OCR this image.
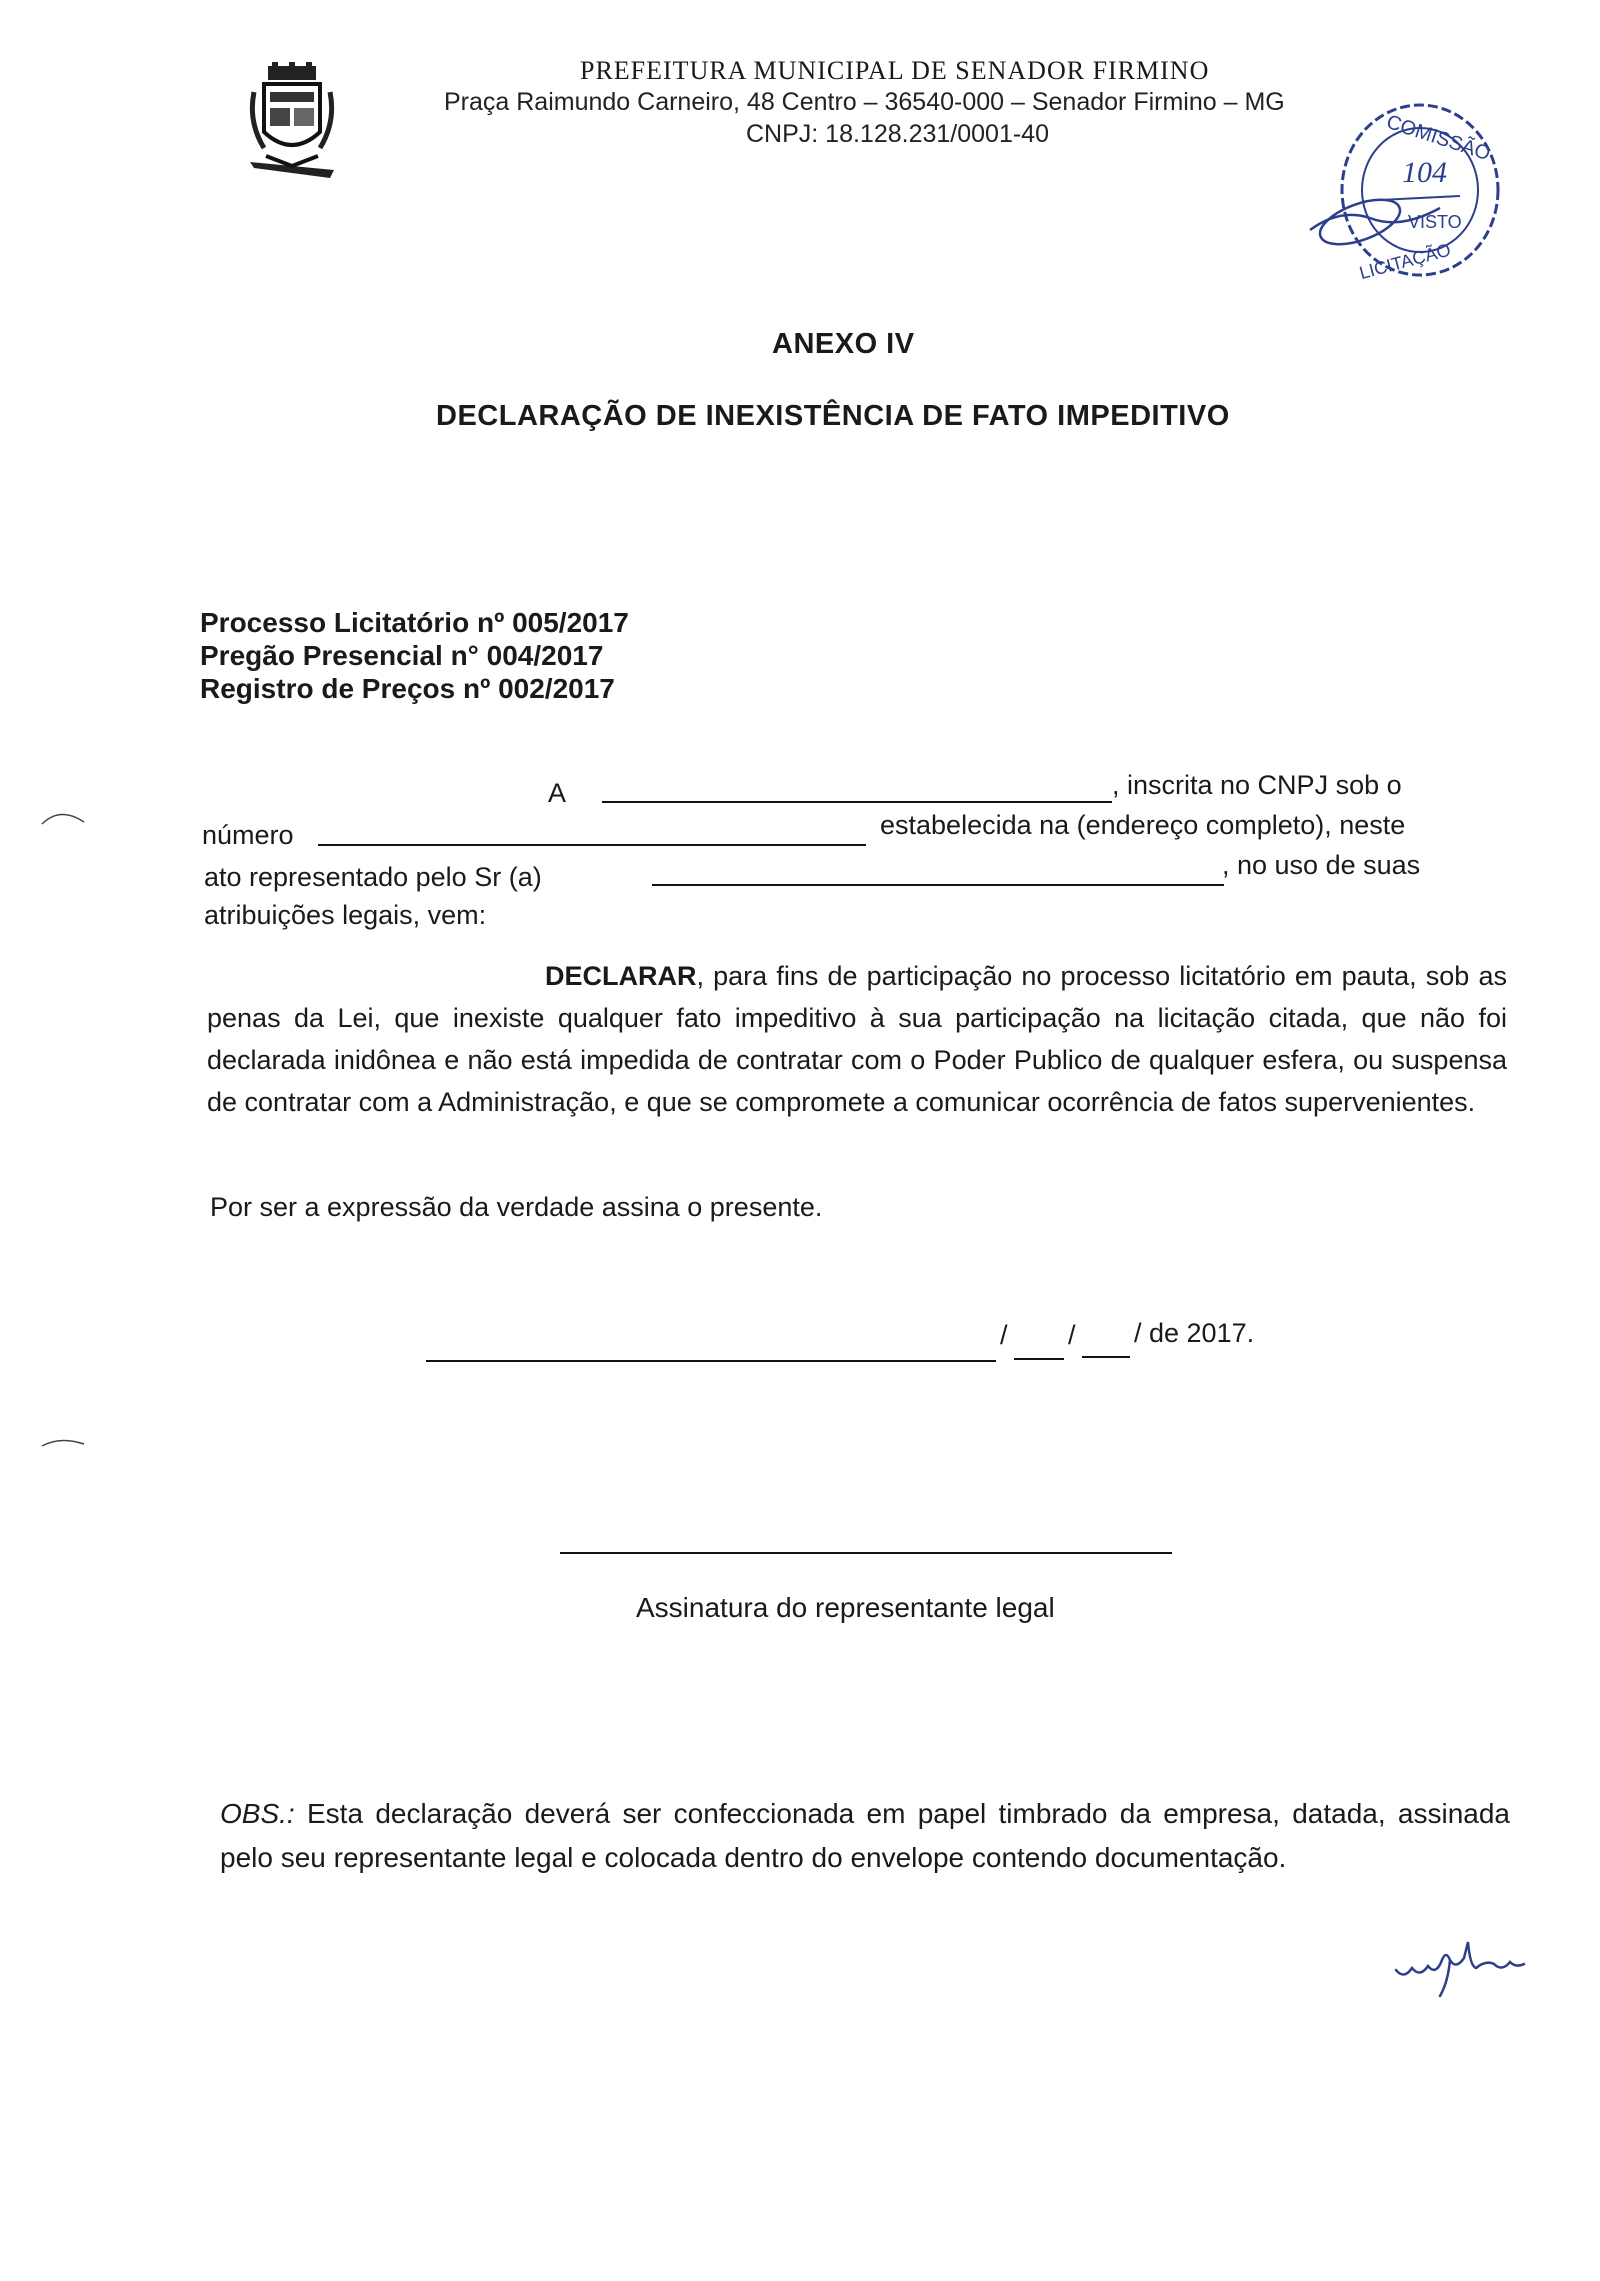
PREFEITURA MUNICIPAL DE SENADOR FIRMINO
Praça Raimundo Carneiro, 48 Centro – 36540-000 – Senador Firmino – MG
CNPJ: 18.128.231/0001-40	COMISSÃO
104
VISTO
LICITAÇÃO
ANEXO IV
DECLARAÇÃO DE INEXISTÊNCIA DE FATO IMPEDITIVO
Processo Licitatório nº 005/2017
Pregão Presencial n° 004/2017
Registro de Preços nº 002/2017
A	, inscrita no CNPJ sob o
número	estabelecida na (endereço completo), neste
ato representado pelo Sr (a)	, no uso de suas
atribuições legais, vem:
DECLARAR, para fins de participação no processo licitatório em pauta, sob as penas da Lei, que inexiste qualquer fato impeditivo à sua participação na licitação citada, que não foi declarada inidônea e não está impedida de contratar com o Poder Publico de qualquer esfera, ou suspensa de contratar com a Administração, e que se compromete a comunicar ocorrência de fatos supervenientes.
Por ser a expressão da verdade assina o presente.
/ / / de 2017.
Assinatura do representante legal
OBS.: Esta declaração deverá ser confeccionada em papel timbrado da empresa, datada, assinada pelo seu representante legal e colocada dentro do envelope contendo documentação.
